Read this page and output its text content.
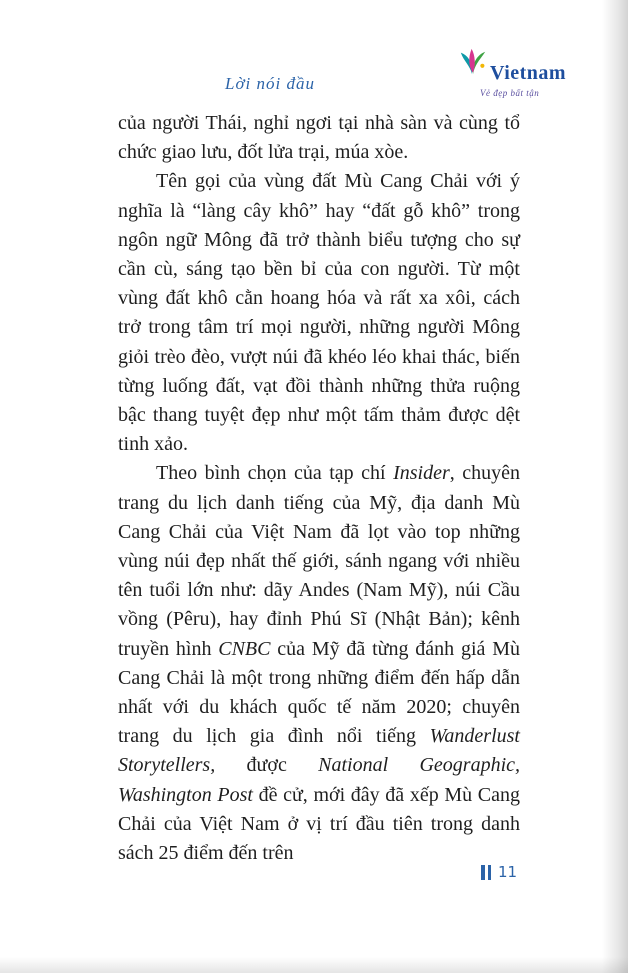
Lời nói đầu	Vietnam
Vẻ đẹp bất tận

của người Thái, nghỉ ngơi tại nhà sàn và cùng tổ chức giao lưu, đốt lửa trại, múa xòe.

Tên gọi của vùng đất Mù Cang Chải với ý nghĩa là “làng cây khô” hay “đất gỗ khô” trong ngôn ngữ Mông đã trở thành biểu tượng cho sự cần cù, sáng tạo bền bỉ của con người. Từ một vùng đất khô cằn hoang hóa và rất xa xôi, cách trở trong tâm trí mọi người, những người Mông giỏi trèo đèo, vượt núi đã khéo léo khai thác, biến từng luống đất, vạt đồi thành những thửa ruộng bậc thang tuyệt đẹp như một tấm thảm được dệt tinh xảo.

Theo bình chọn của tạp chí Insider, chuyên trang du lịch danh tiếng của Mỹ, địa danh Mù Cang Chải của Việt Nam đã lọt vào top những vùng núi đẹp nhất thế giới, sánh ngang với nhiều tên tuổi lớn như: dãy Andes (Nam Mỹ), núi Cầu vồng (Pêru), hay đỉnh Phú Sĩ (Nhật Bản); kênh truyền hình CNBC của Mỹ đã từng đánh giá Mù Cang Chải là một trong những điểm đến hấp dẫn nhất với du khách quốc tế năm 2020; chuyên trang du lịch gia đình nổi tiếng Wanderlust Storytellers, được National Geographic, Washington Post đề cử, mới đây đã xếp Mù Cang Chải của Việt Nam ở vị trí đầu tiên trong danh sách 25 điểm đến trên

11
